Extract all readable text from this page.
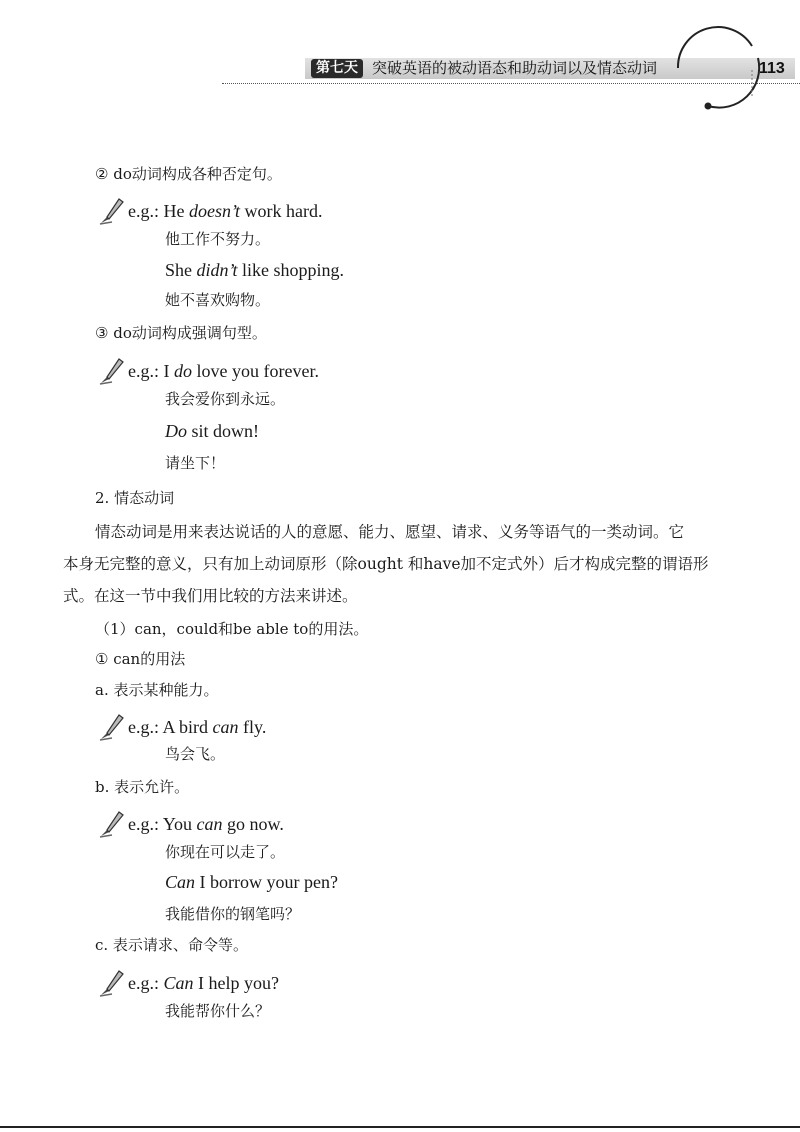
第七天 突破英语的被动语态和助动词以及情态动词	113
② do动词构成各种否定句。
e.g.: He doesn’t work hard.
他工作不努力。
She didn’t like shopping.
她不喜欢购物。
③ do动词构成强调句型。
e.g.: I do love you forever.
我会爱你到永远。
Do sit down!
请坐下！
2. 情态动词
情态动词是用来表达说话的人的意愿、能力、愿望、请求、义务等语气的一类动词。它
本身无完整的意义，只有加上动词原形（除ought 和have加不定式外）后才构成完整的谓语形
式。在这一节中我们用比较的方法来讲述。
（1）can，could和be able to的用法。
① can的用法
a. 表示某种能力。
e.g.: A bird can fly.
鸟会飞。
b. 表示允许。
e.g.: You can go now.
你现在可以走了。
Can I borrow your pen?
我能借你的钢笔吗？
c. 表示请求、命令等。
e.g.: Can I help you?
我能帮你什么？
